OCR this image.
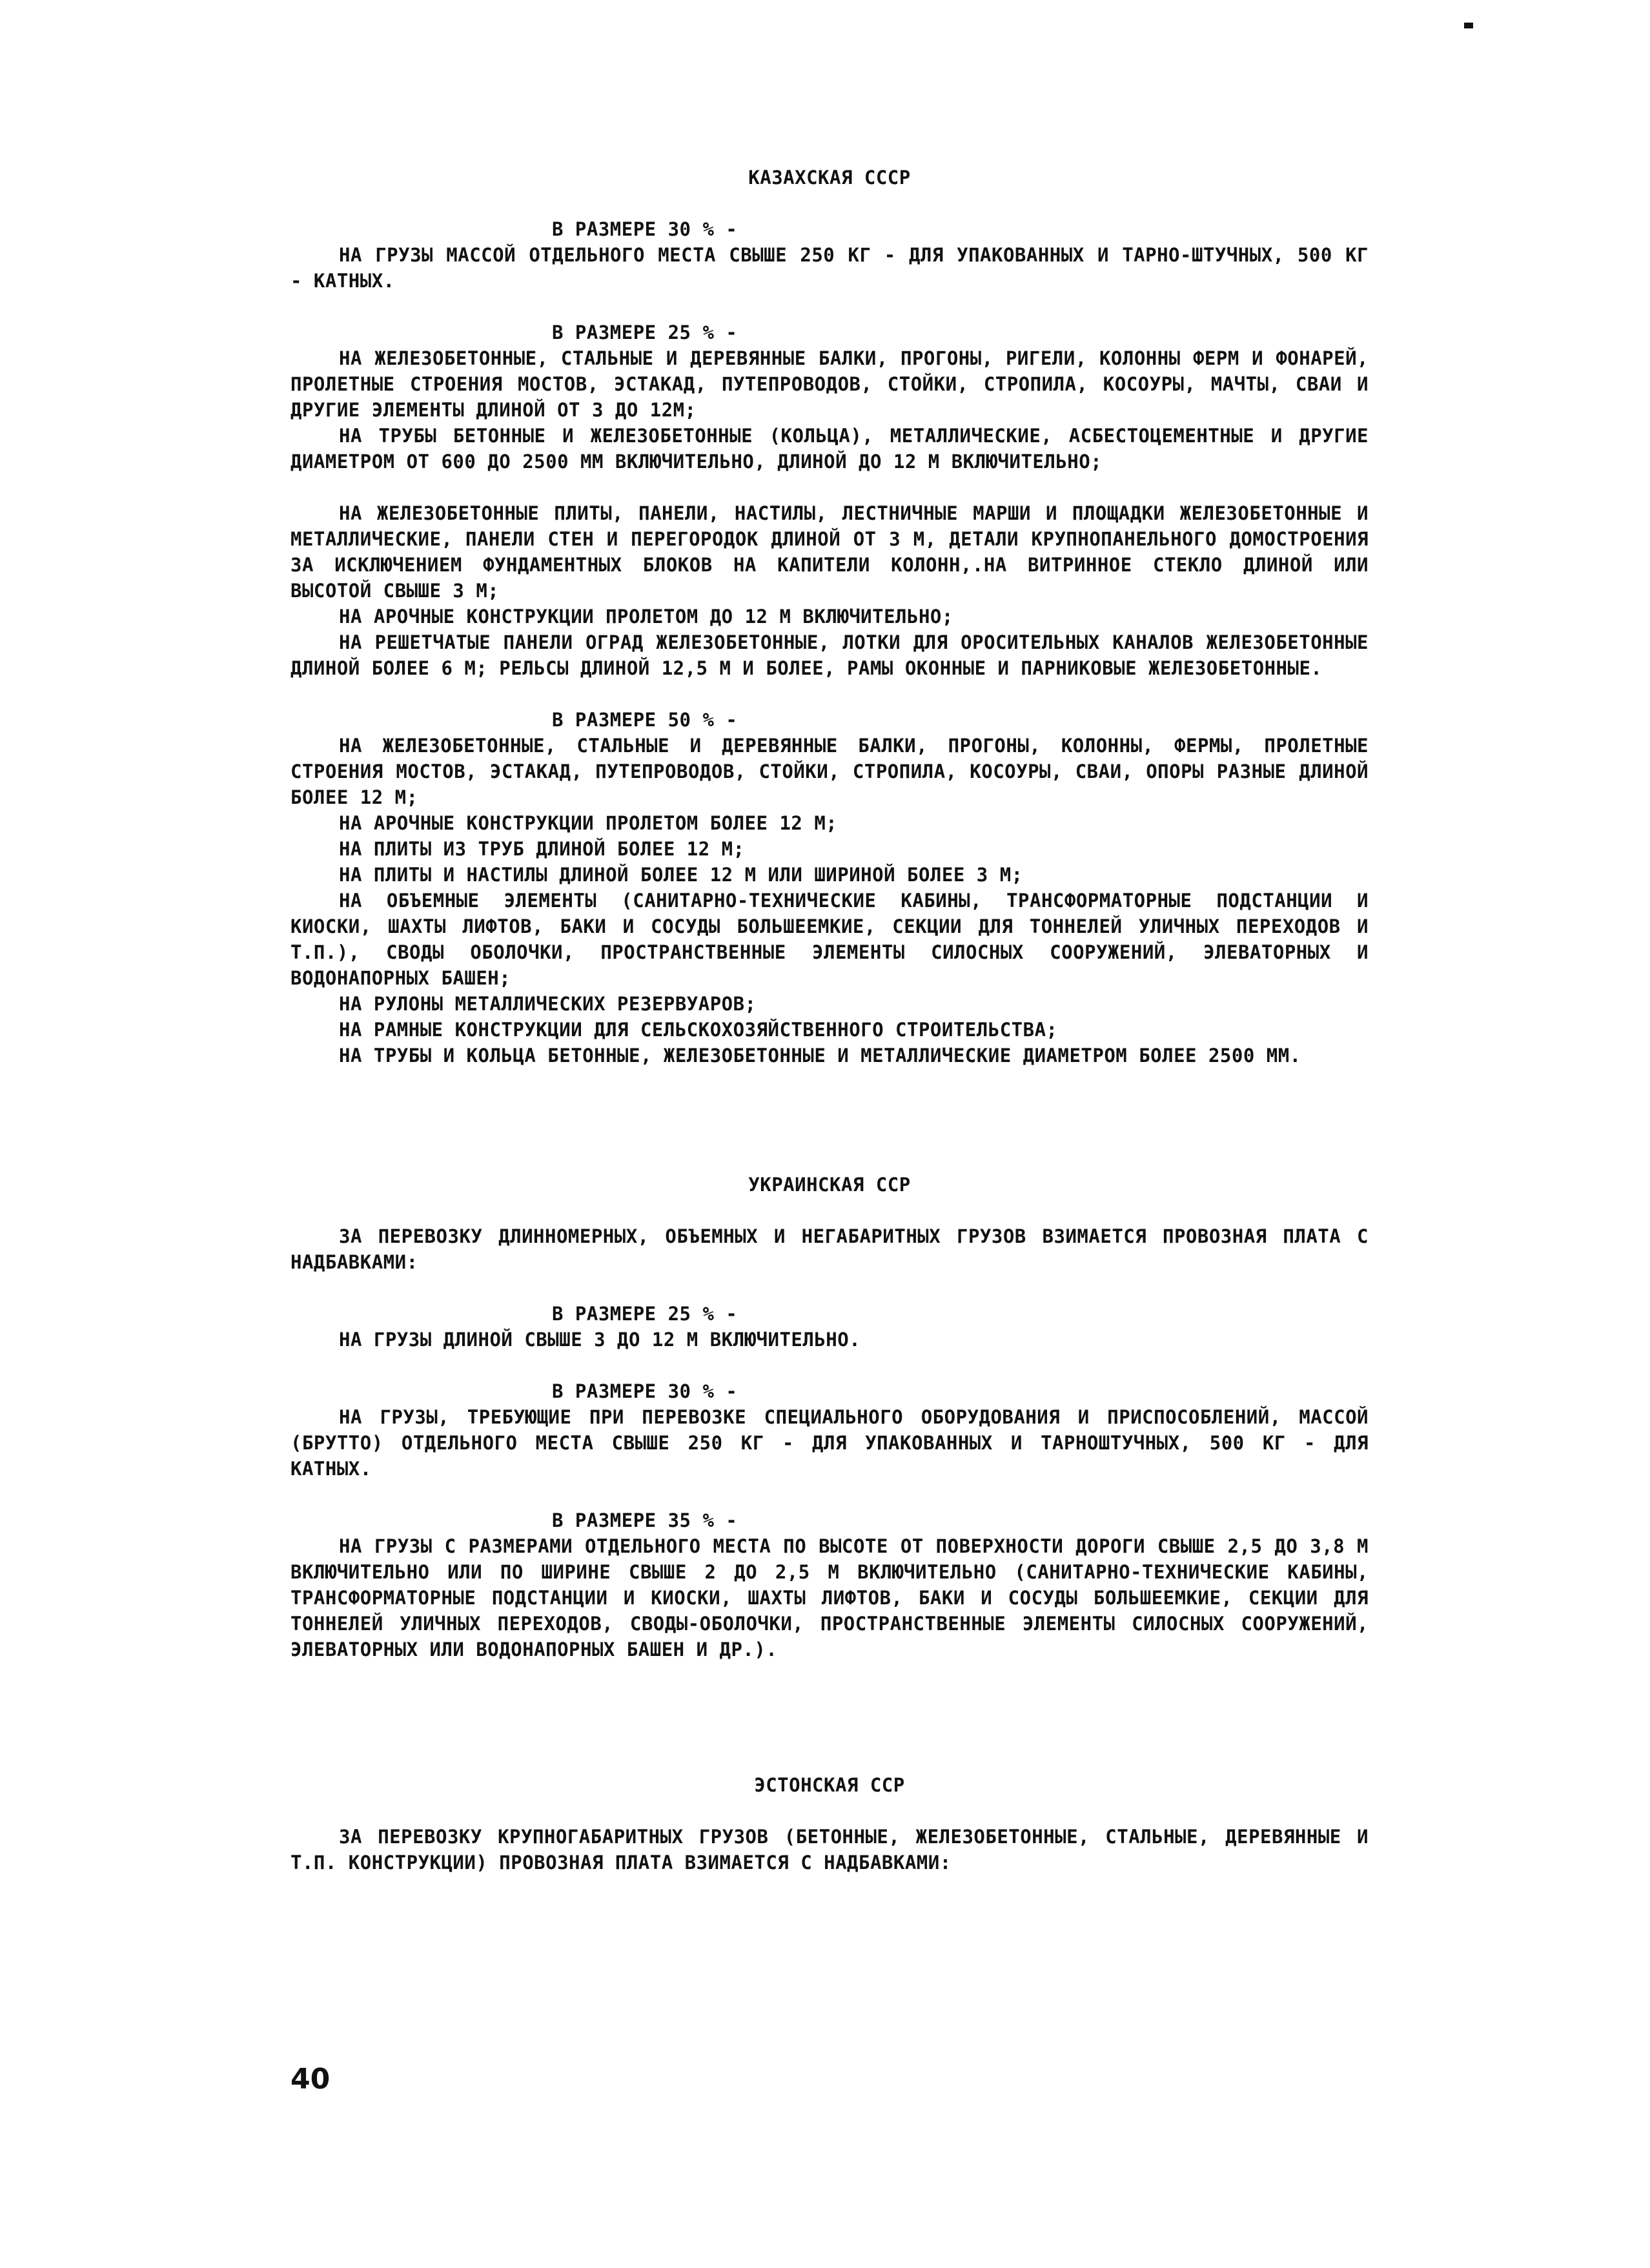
КАЗАХСКАЯ СССР

В РАЗМЕРЕ 30 % -

НА ГРУЗЫ МАССОЙ ОТДЕЛЬНОГО МЕСТА СВЫШЕ 250 КГ - ДЛЯ УПАКОВАННЫХ И ТАРНО-ШТУЧНЫХ, 500 КГ - КАТНЫХ.

В РАЗМЕРЕ 25 % -

НА ЖЕЛЕЗОБЕТОННЫЕ, СТАЛЬНЫЕ И ДЕРЕВЯННЫЕ БАЛКИ, ПРОГОНЫ, РИГЕЛИ, КОЛОННЫ ФЕРМ И ФОНАРЕЙ, ПРОЛЕТНЫЕ СТРОЕНИЯ МОСТОВ, ЭСТАКАД, ПУТЕПРОВОДОВ, СТОЙКИ, СТРОПИЛА, КОСОУРЫ, МАЧТЫ, СВАИ И ДРУГИЕ ЭЛЕМЕНТЫ ДЛИНОЙ ОТ 3 ДО 12М;

НА ТРУБЫ БЕТОННЫЕ И ЖЕЛЕЗОБЕТОННЫЕ (КОЛЬЦА), МЕТАЛЛИЧЕСКИЕ, АСБЕСТОЦЕМЕНТНЫЕ И ДРУГИЕ ДИАМЕТРОМ ОТ 600 ДО 2500 ММ ВКЛЮЧИТЕЛЬНО, ДЛИНОЙ ДО 12 М ВКЛЮЧИТЕЛЬНО;

НА ЖЕЛЕЗОБЕТОННЫЕ ПЛИТЫ, ПАНЕЛИ, НАСТИЛЫ, ЛЕСТНИЧНЫЕ МАРШИ И ПЛОЩАДКИ ЖЕЛЕЗОБЕТОННЫЕ И МЕТАЛЛИЧЕСКИЕ, ПАНЕЛИ СТЕН И ПЕРЕГОРОДОК ДЛИНОЙ ОТ 3 М, ДЕТАЛИ КРУПНОПАНЕЛЬНОГО ДОМОСТРОЕНИЯ ЗА ИСКЛЮЧЕНИЕМ ФУНДАМЕНТНЫХ БЛОКОВ НА КАПИТЕЛИ КОЛОНН,.НА ВИТРИННОЕ СТЕКЛО ДЛИНОЙ ИЛИ ВЫСОТОЙ СВЫШЕ 3 М;

НА АРОЧНЫЕ КОНСТРУКЦИИ ПРОЛЕТОМ ДО 12 М ВКЛЮЧИТЕЛЬНО;

НА РЕШЕТЧАТЫЕ ПАНЕЛИ ОГРАД ЖЕЛЕЗОБЕТОННЫЕ, ЛОТКИ ДЛЯ ОРОСИТЕЛЬНЫХ КАНАЛОВ ЖЕЛЕЗОБЕТОННЫЕ ДЛИНОЙ БОЛЕЕ 6 М; РЕЛЬСЫ ДЛИНОЙ 12,5 М И БОЛЕЕ, РАМЫ ОКОННЫЕ И ПАРНИКОВЫЕ ЖЕЛЕЗОБЕТОННЫЕ.

В РАЗМЕРЕ 50 % -

НА ЖЕЛЕЗОБЕТОННЫЕ, СТАЛЬНЫЕ И ДЕРЕВЯННЫЕ БАЛКИ, ПРОГОНЫ, КОЛОННЫ, ФЕРМЫ, ПРОЛЕТНЫЕ СТРОЕНИЯ МОСТОВ, ЭСТАКАД, ПУТЕПРОВОДОВ, СТОЙКИ, СТРОПИЛА, КОСОУРЫ, СВАИ, ОПОРЫ РАЗНЫЕ ДЛИНОЙ БОЛЕЕ 12 М;

НА АРОЧНЫЕ КОНСТРУКЦИИ ПРОЛЕТОМ БОЛЕЕ 12 М;

НА ПЛИТЫ ИЗ ТРУБ ДЛИНОЙ БОЛЕЕ 12 М;

НА ПЛИТЫ И НАСТИЛЫ ДЛИНОЙ БОЛЕЕ 12 М ИЛИ ШИРИНОЙ БОЛЕЕ 3 М;

НА ОБЪЕМНЫЕ ЭЛЕМЕНТЫ (САНИТАРНО-ТЕХНИЧЕСКИЕ КАБИНЫ, ТРАНСФОРМАТОРНЫЕ ПОДСТАНЦИИ И КИОСКИ, ШАХТЫ ЛИФТОВ, БАКИ И СОСУДЫ БОЛЬШЕЕМКИЕ, СЕКЦИИ ДЛЯ ТОННЕЛЕЙ УЛИЧНЫХ ПЕРЕХОДОВ И Т.П.), СВОДЫ ОБОЛОЧКИ, ПРОСТРАНСТВЕННЫЕ ЭЛЕМЕНТЫ СИЛОСНЫХ СООРУЖЕНИЙ, ЭЛЕВАТОРНЫХ И ВОДОНАПОРНЫХ БАШЕН;

НА РУЛОНЫ МЕТАЛЛИЧЕСКИХ РЕЗЕРВУАРОВ;

НА РАМНЫЕ КОНСТРУКЦИИ ДЛЯ СЕЛЬСКОХОЗЯЙСТВЕННОГО СТРОИТЕЛЬСТВА;

НА ТРУБЫ И КОЛЬЦА БЕТОННЫЕ, ЖЕЛЕЗОБЕТОННЫЕ И МЕТАЛЛИЧЕСКИЕ ДИАМЕТРОМ БОЛЕЕ 2500 ММ.

УКРАИНСКАЯ ССР

ЗА ПЕРЕВОЗКУ ДЛИННОМЕРНЫХ, ОБЪЕМНЫХ И НЕГАБАРИТНЫХ ГРУЗОВ ВЗИМАЕТСЯ ПРОВОЗНАЯ ПЛАТА С НАДБАВКАМИ:

В РАЗМЕРЕ 25 % -

НА ГРУЗЫ ДЛИНОЙ СВЫШЕ 3 ДО 12 М ВКЛЮЧИТЕЛЬНО.

В РАЗМЕРЕ 30 % -

НА ГРУЗЫ, ТРЕБУЮЩИЕ ПРИ ПЕРЕВОЗКЕ СПЕЦИАЛЬНОГО ОБОРУДОВАНИЯ И ПРИСПОСОБЛЕНИЙ, МАССОЙ (БРУТТО) ОТДЕЛЬНОГО МЕСТА СВЫШЕ 250 КГ - ДЛЯ УПАКОВАННЫХ И ТАРНОШТУЧНЫХ, 500 КГ - ДЛЯ КАТНЫХ.

В РАЗМЕРЕ 35 % -

НА ГРУЗЫ С РАЗМЕРАМИ ОТДЕЛЬНОГО МЕСТА ПО ВЫСОТЕ ОТ ПОВЕРХНОСТИ ДОРОГИ СВЫШЕ 2,5 ДО 3,8 М ВКЛЮЧИТЕЛЬНО ИЛИ ПО ШИРИНЕ СВЫШЕ 2 ДО 2,5 М ВКЛЮЧИТЕЛЬНО (САНИТАРНО-ТЕХНИЧЕСКИЕ КАБИНЫ, ТРАНСФОРМАТОРНЫЕ ПОДСТАНЦИИ И КИОСКИ, ШАХТЫ ЛИФТОВ, БАКИ И СОСУДЫ БОЛЬШЕЕМКИЕ, СЕКЦИИ ДЛЯ ТОННЕЛЕЙ УЛИЧНЫХ ПЕРЕХОДОВ, СВОДЫ-ОБОЛОЧКИ, ПРОСТРАНСТВЕННЫЕ ЭЛЕМЕНТЫ СИЛОСНЫХ СООРУЖЕНИЙ, ЭЛЕВАТОРНЫХ ИЛИ ВОДОНАПОРНЫХ БАШЕН И ДР.).

ЭСТОНСКАЯ ССР

ЗА ПЕРЕВОЗКУ КРУПНОГАБАРИТНЫХ ГРУЗОВ (БЕТОННЫЕ, ЖЕЛЕЗОБЕТОННЫЕ, СТАЛЬНЫЕ, ДЕРЕВЯННЫЕ И Т.П. КОНСТРУКЦИИ) ПРОВОЗНАЯ ПЛАТА ВЗИМАЕТСЯ С НАДБАВКАМИ:

40
